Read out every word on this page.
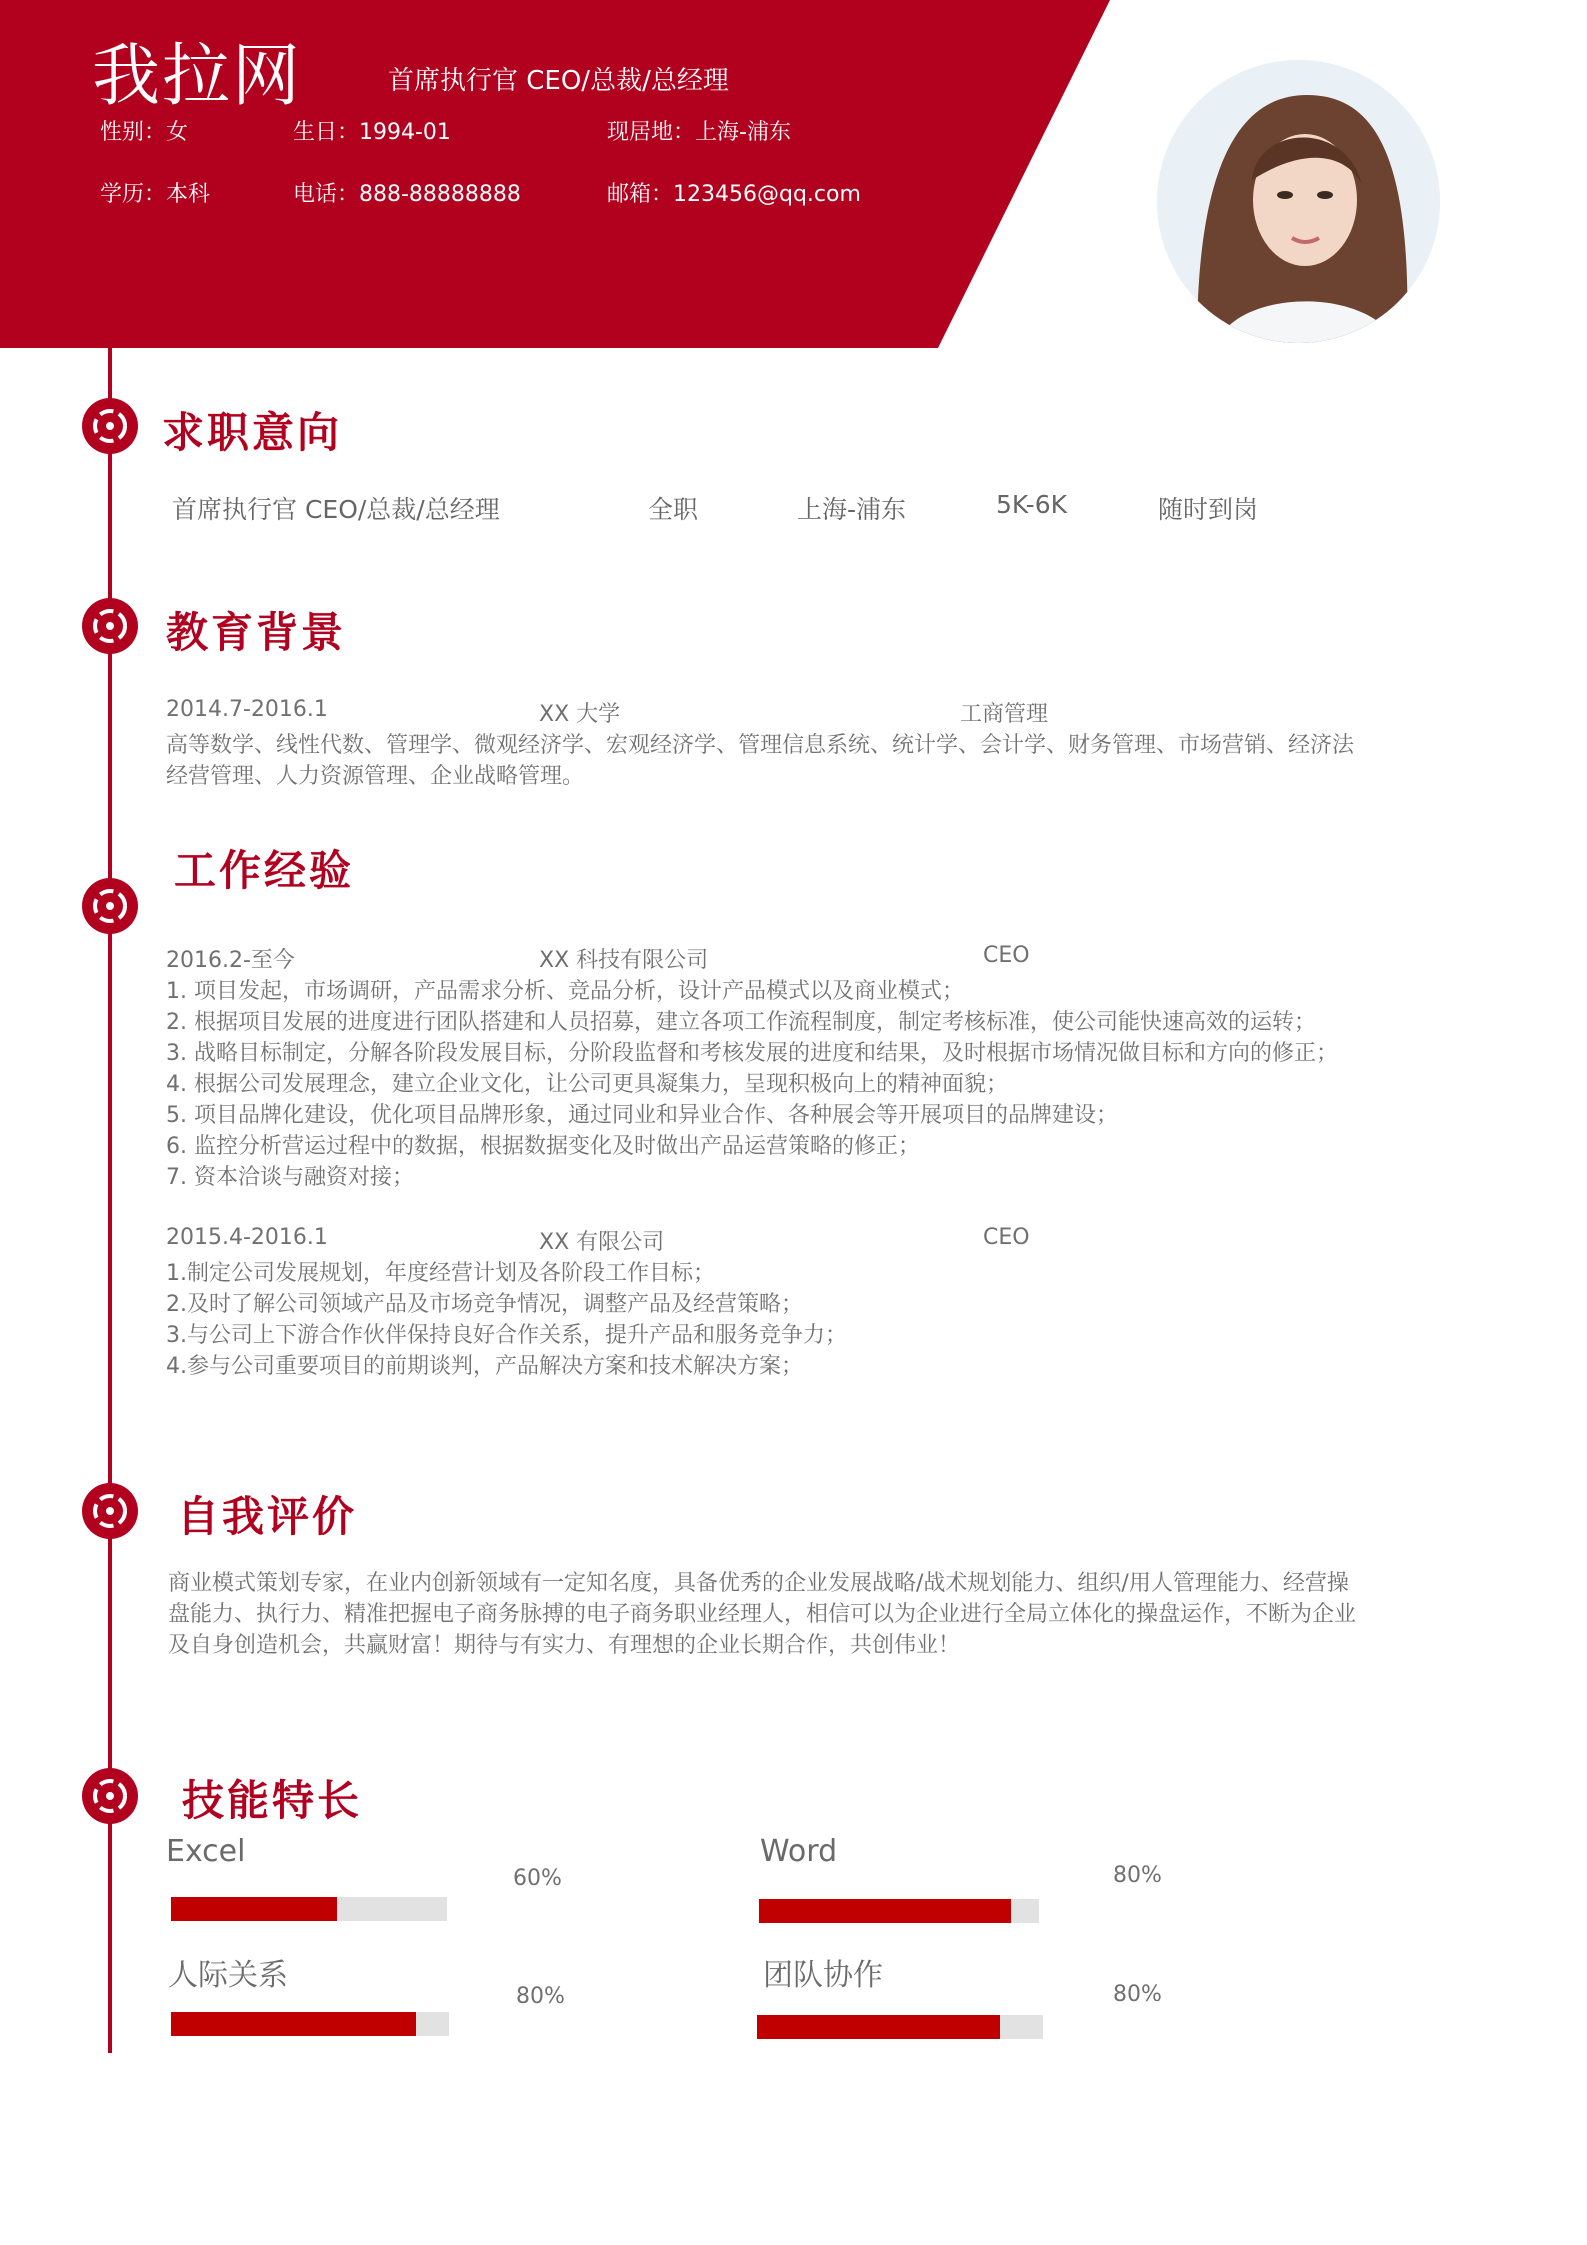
我拉网	首席执行官 CEO/总裁/总经理
性别：女	生日：1994-01	现居地：上海-浦东
学历：本科	电话：888-88888888	邮箱：123456@qq.com
求职意向
首席执行官 CEO/总裁/总经理	全职	上海-浦东	5K-6K	随时到岗
教育背景
2014.7-2016.1	XX 大学	工商管理
高等数学、线性代数、管理学、微观经济学、宏观经济学、管理信息系统、统计学、会计学、财务管理、市场营销、经济法
经营管理、人力资源管理、企业战略管理。
工作经验
2016.2-至今	XX 科技有限公司	CEO
1. 项目发起，市场调研，产品需求分析、竞品分析，设计产品模式以及商业模式；
2. 根据项目发展的进度进行团队搭建和人员招募，建立各项工作流程制度，制定考核标准，使公司能快速高效的运转；
3. 战略目标制定，分解各阶段发展目标，分阶段监督和考核发展的进度和结果，及时根据市场情况做目标和方向的修正；
4. 根据公司发展理念，建立企业文化，让公司更具凝集力，呈现积极向上的精神面貌；
5. 项目品牌化建设，优化项目品牌形象，通过同业和异业合作、各种展会等开展项目的品牌建设；
6. 监控分析营运过程中的数据，根据数据变化及时做出产品运营策略的修正；
7. 资本洽谈与融资对接；
2015.4-2016.1	XX 有限公司	CEO
1.制定公司发展规划，年度经营计划及各阶段工作目标；
2.及时了解公司领域产品及市场竞争情况，调整产品及经营策略；
3.与公司上下游合作伙伴保持良好合作关系，提升产品和服务竞争力；
4.参与公司重要项目的前期谈判，产品解决方案和技术解决方案；
自我评价
商业模式策划专家，在业内创新领域有一定知名度，具备优秀的企业发展战略/战术规划能力、组织/用人管理能力、经营操
盘能力、执行力、精准把握电子商务脉搏的电子商务职业经理人，相信可以为企业进行全局立体化的操盘运作，不断为企业
及自身创造机会，共赢财富！期待与有实力、有理想的企业长期合作，共创伟业！
技能特长
Excel
60%
Word
80%
人际关系
80%
团队协作
80%
